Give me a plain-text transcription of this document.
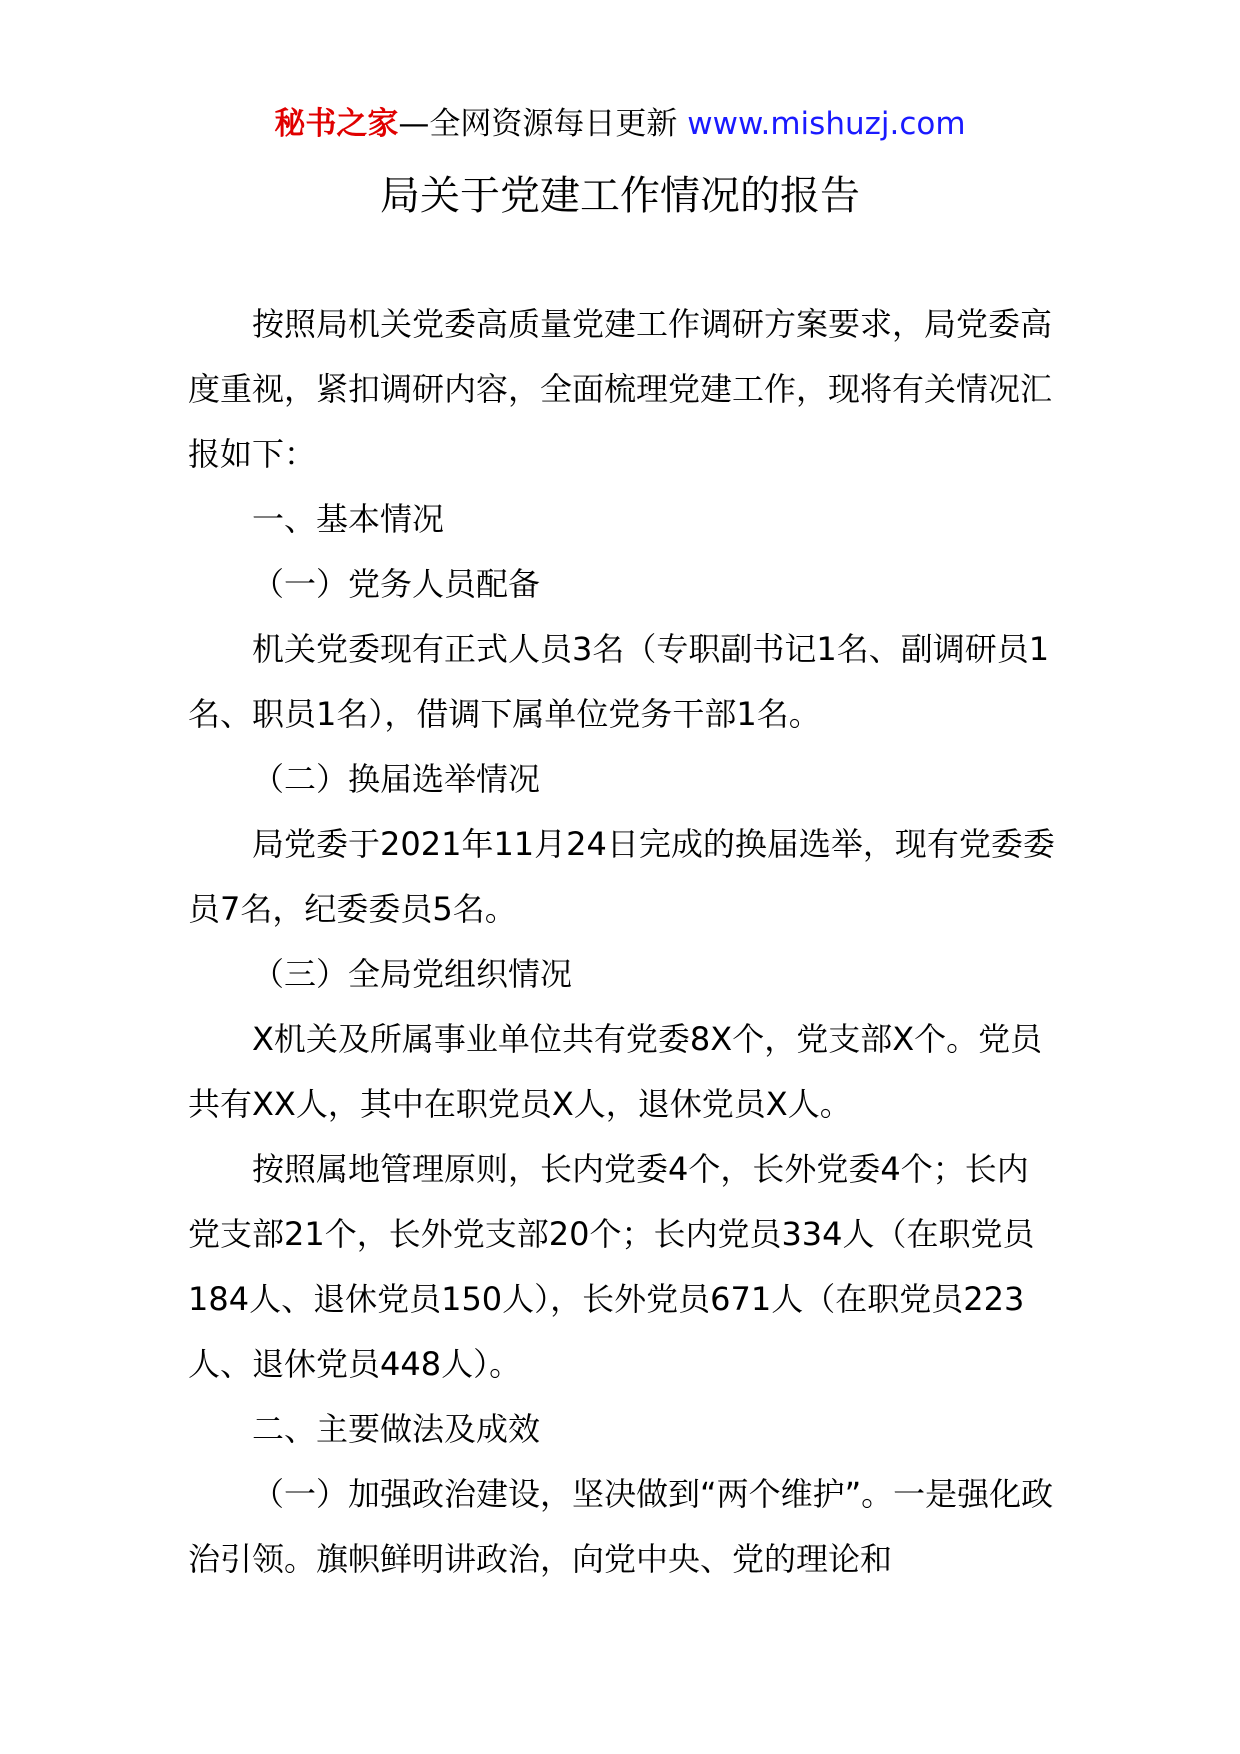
秘书之家—全网资源每日更新 www.mishuzj.com
局关于党建工作情况的报告

按照局机关党委高质量党建工作调研方案要求，局党委高度重视，紧扣调研内容，全面梳理党建工作，现将有关情况汇报如下：

一、基本情况

（一）党务人员配备

机关党委现有正式人员3名（专职副书记1名、副调研员1名、职员1名），借调下属单位党务干部1名。

（二）换届选举情况

局党委于2021年11月24日完成的换届选举，现有党委委员7名，纪委委员5名。

（三）全局党组织情况

X机关及所属事业单位共有党委8X个，党支部X个。党员共有XX人，其中在职党员X人，退休党员X人。

按照属地管理原则，长内党委4个，长外党委4个；长内党支部21个，长外党支部20个；长内党员334人（在职党员184人、退休党员150人），长外党员671人（在职党员223人、退休党员448人）。

二、主要做法及成效

（一）加强政治建设，坚决做到“两个维护”。一是强化政治引领。旗帜鲜明讲政治，向党中央、党的理论和
